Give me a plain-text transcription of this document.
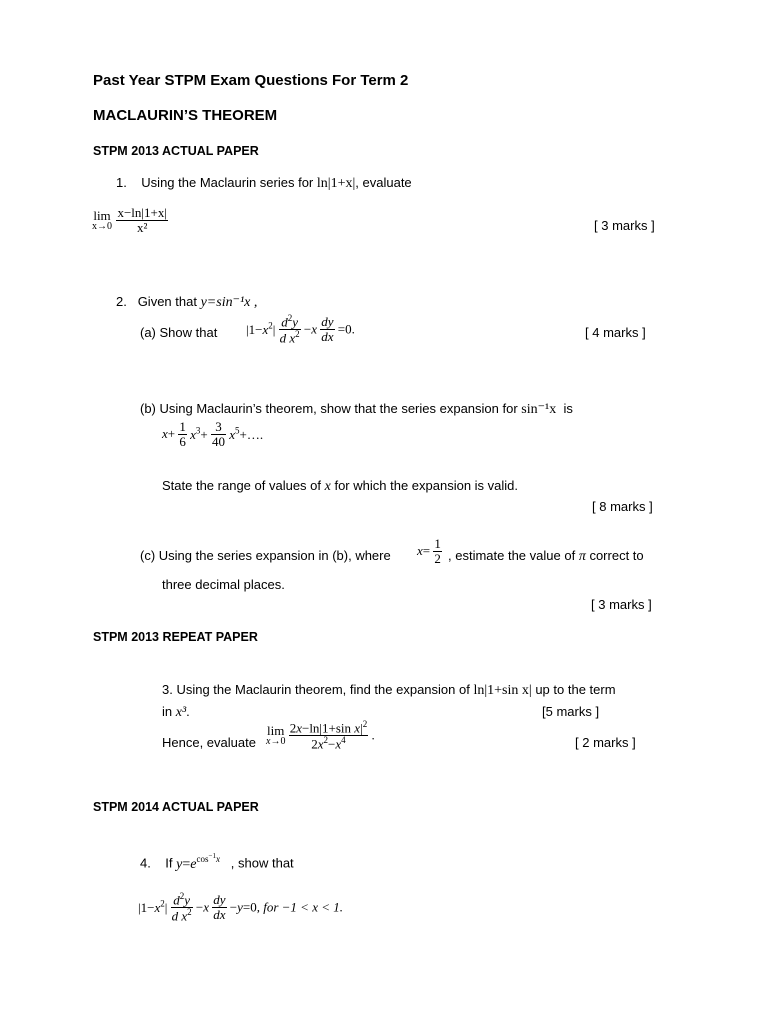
Past Year STPM Exam Questions For Term 2
MACLAURIN’S THEOREM
STPM 2013 ACTUAL PAPER
1. Using the Maclaurin series for ln|1+x|, evaluate
lim
x→0
$\frac{x-\ln|1+x|}{\text{x²}}$	[ 3 marks ]
2. Given that y=sin⁻¹x ,
(a) Show that $|1-x^2| \frac{d^2y}{d x^2} -x \frac{dy}{dx} =0$.	[ 4 marks ]
(b) Using Maclaurin’s theorem, show that the series expansion for sin⁻¹x is
$x+ \frac{1}{6} x^3+ \frac{3}{40}$ $x^5+\dots$.
State the range of values of x for which the expansion is valid.
[ 8 marks ]
(c) Using the series expansion in (b), where $x= \frac{1}{2}$ , estimate the value of π correct to
three decimal places.
[ 3 marks ]
STPM 2013 REPEAT PAPER
3. Using the Maclaurin theorem, find the expansion of ln|1+sin x| up to the term
in x³.	[5 marks ]
Hence, evaluate
lim
x→0
$\frac{2x-\ln|1+\sin x|^2}{2x^2-x^4}$ .
[ 2 marks ]
STPM 2014 ACTUAL PAPER
4. If $y=e^{cos^{-1}x}$ , show that
$|1-x^2| \frac{d^2y}{d x^2} -x \frac{dy}{dx} -y=0$, for −1 < x < 1.
